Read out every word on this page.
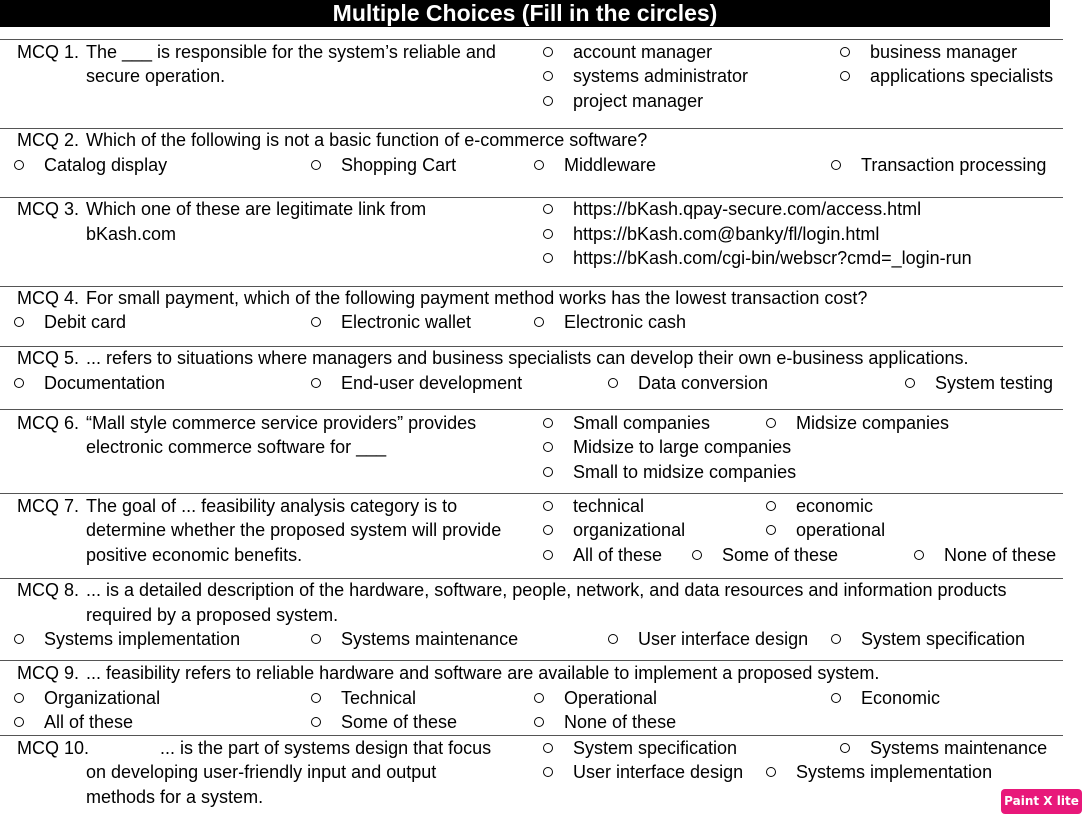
Multiple Choices (Fill in the circles)
MCQ 1. The ___ is responsible for the system’s reliable and
secure operation.
account manager	business manager
systems administrator	applications specialists
project manager
MCQ 2. Which of the following is not a basic function of e-commerce software?
Catalog display	Shopping Cart	Middleware	Transaction processing
MCQ 3. Which one of these are legitimate link from
bKash.com
https://bKash.qpay-secure.com/access.html
https://bKash.com@banky/fl/login.html
https://bKash.com/cgi-bin/webscr?cmd=_login-run
MCQ 4. For small payment, which of the following payment method works has the lowest transaction cost?
Debit card	Electronic wallet	Electronic cash
MCQ 5. ... refers to situations where managers and business specialists can develop their own e-business applications.
Documentation	End-user development	Data conversion	System testing
MCQ 6. “Mall style commerce service providers” provides
electronic commerce software for ___
Small companies	Midsize companies
Midsize to large companies
Small to midsize companies
MCQ 7. The goal of ... feasibility analysis category is to
determine whether the proposed system will provide
positive economic benefits.
technical	economic
organizational	operational
All of these	Some of these	None of these
MCQ 8. ... is a detailed description of the hardware, software, people, network, and data resources and information products
required by a proposed system.
Systems implementation	Systems maintenance	User interface design	System specification
MCQ 9. ... feasibility refers to reliable hardware and software are available to implement a proposed system.
Organizational	Technical	Operational	Economic
All of these	Some of these	None of these
MCQ 10.	... is the part of systems design that focus
on developing user-friendly input and output
methods for a system.
System specification	Systems maintenance
User interface design	Systems implementation
Paint X lite
